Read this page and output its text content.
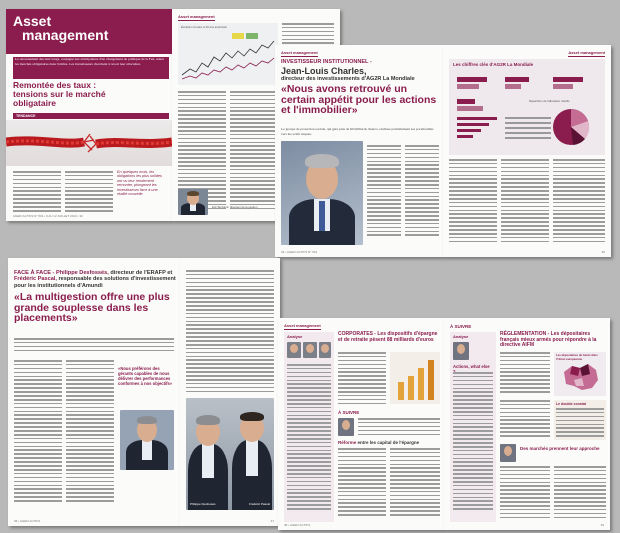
Asset
management
Le retournement des taux longs, conjugué aux anticipations d'un changement de politique de la Fed, remet les marchés obligataires dans l'ombre. Les investisseurs cherchent à revoir leur allocation.
Remontée des taux : tensions sur le marché obligataire
TENDANCE
En quelques mois, les obligations les plus solides ont vu leur rendement remonter, plongeant les investisseurs face à une réalité nouvelle.
AGEFI ACTIFS N° 501 • 6 AU 12 JUILLET 2013 • 32
Asset management
Évolution du taux à 10 ans américain
Eric Bertrand, directeur de la gestion
Asset management
INVESTISSEUR INSTITUTIONNEL -
Jean-Louis Charles,
directeur des investissements d'AG2R La Mondiale
«Nous avons retrouvé un certain appétit pour les actions et l'immobilier»
Le groupe de protection sociale, qui gère plus de 60 milliards d'euros, réalloue partiellement ses portefeuilles vers les actifs risqués.
34 • AGEFI ACTIFS N° 501
Asset management
Les chiffres clés d'AG2R La Mondiale
Répartition de l'allocation d'actifs
35
FACE À FACE - Philippe Desfossés, directeur de l'ERAFP et Frédéric Pascal, responsable des solutions d'investissement pour les institutionnels d'Amundi
«La multigestion offre une plus grande souplesse dans les placements»
«Nous préférons des gérants capables de nous délivrer des performances conformes à nos objectifs»
36 • AGEFI ACTIFS
Philippe Desfossés	Frédéric Pascal
37
Asset management
Analyse	CORPORATES - Les dispositifs d'épargne et de retraite pèsent 88 milliards d'euros
À SUIVRE
Réforme entre les capital de l'épargne
38 • AGEFI ACTIFS
À SUIVRE
Analyse
Actions, what else
RÉGLEMENTATION - Les dépositaires français mieux armés pour répondre à la directive AIFM
Les dépositaires de fonds dans l'Union européenne
Le double constat
Des marchés prennent leur approche
39
